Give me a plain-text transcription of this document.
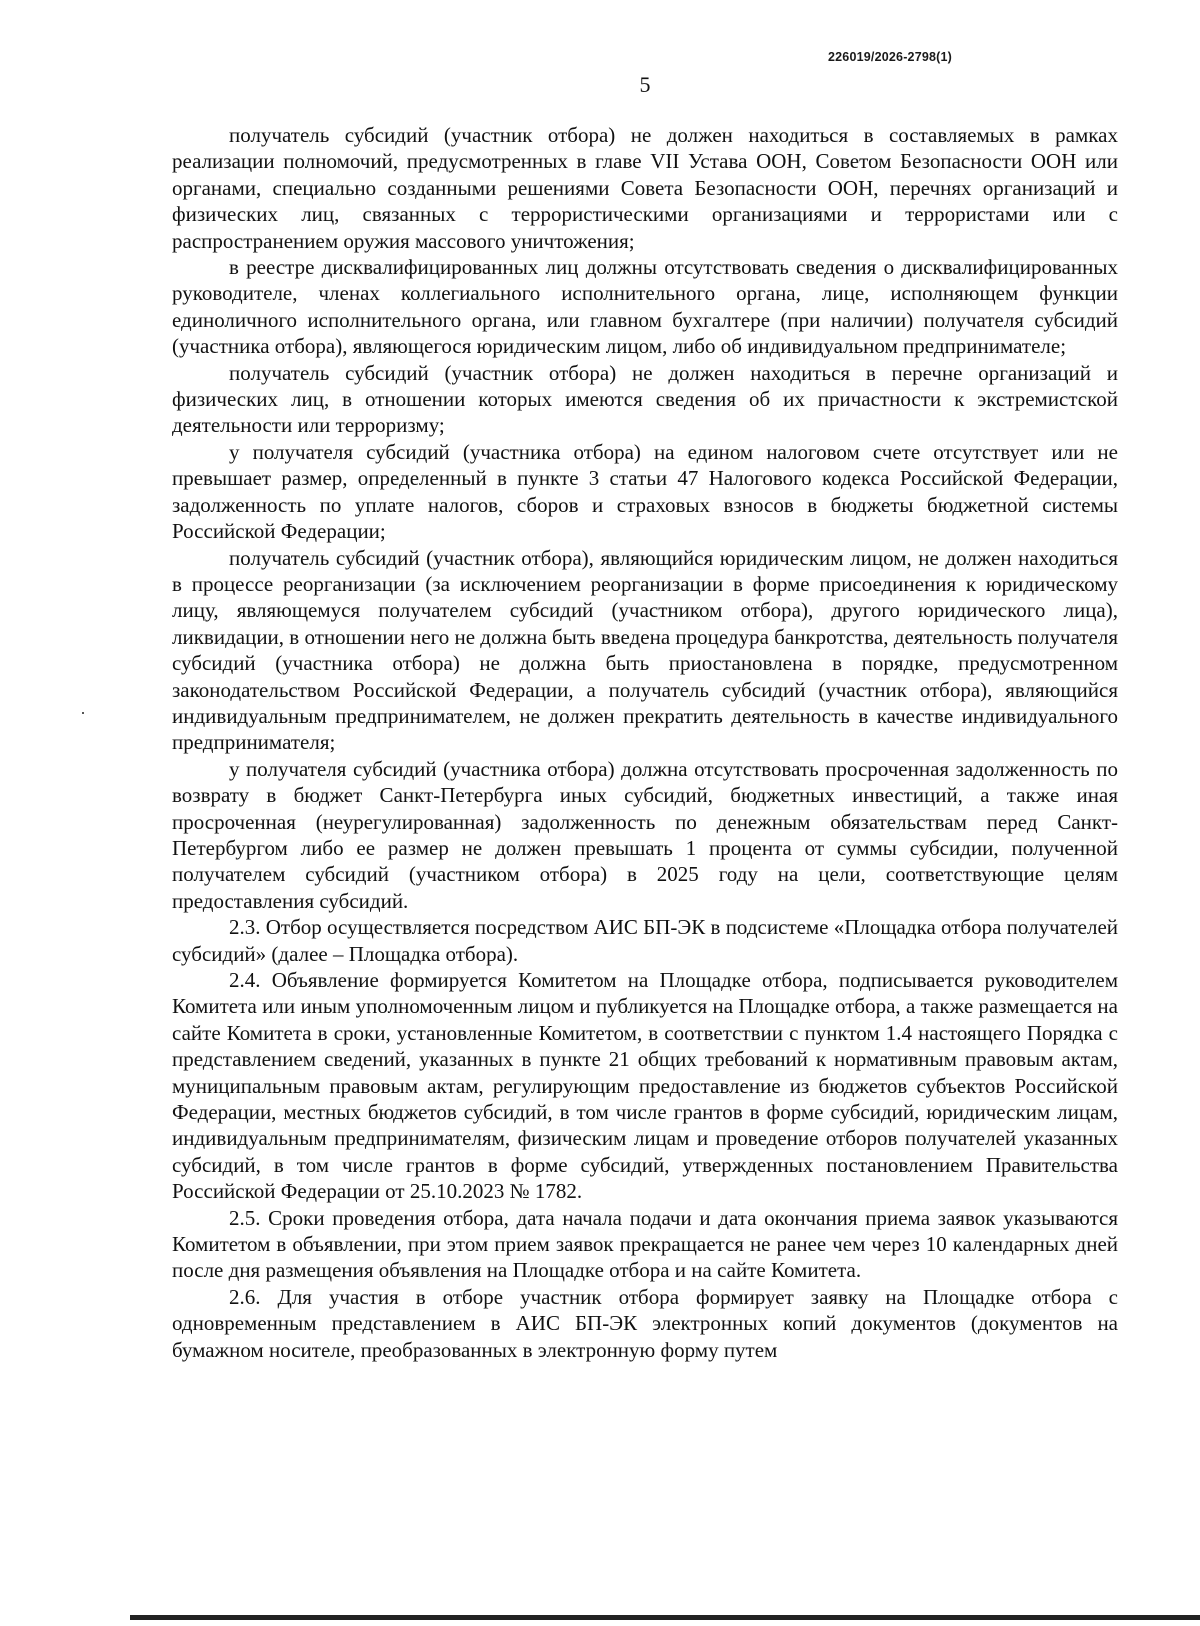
226019/2026-2798(1)
5

получатель субсидий (участник отбора) не должен находиться в составляемых в рамках реализации полномочий, предусмотренных в главе VII Устава ООН, Советом Безопасности ООН или органами, специально созданными решениями Совета Безопасности ООН, перечнях организаций и физических лиц, связанных с террористическими организациями и террористами или с распространением оружия массового уничтожения;

в реестре дисквалифицированных лиц должны отсутствовать сведения о дисквалифицированных руководителе, членах коллегиального исполнительного органа, лице, исполняющем функции единоличного исполнительного органа, или главном бухгалтере (при наличии) получателя субсидий (участника отбора), являющегося юридическим лицом, либо об индивидуальном предпринимателе;

получатель субсидий (участник отбора) не должен находиться в перечне организаций и физических лиц, в отношении которых имеются сведения об их причастности к экстремистской деятельности или терроризму;

у получателя субсидий (участника отбора) на едином налоговом счете отсутствует или не превышает размер, определенный в пункте 3 статьи 47 Налогового кодекса Российской Федерации, задолженность по уплате налогов, сборов и страховых взносов в бюджеты бюджетной системы Российской Федерации;

получатель субсидий (участник отбора), являющийся юридическим лицом, не должен находиться в процессе реорганизации (за исключением реорганизации в форме присоединения к юридическому лицу, являющемуся получателем субсидий (участником отбора), другого юридического лица), ликвидации, в отношении него не должна быть введена процедура банкротства, деятельность получателя субсидий (участника отбора) не должна быть приостановлена в порядке, предусмотренном законодательством Российской Федерации, а получатель субсидий (участник отбора), являющийся индивидуальным предпринимателем, не должен прекратить деятельность в качестве индивидуального предпринимателя;

у получателя субсидий (участника отбора) должна отсутствовать просроченная задолженность по возврату в бюджет Санкт-Петербурга иных субсидий, бюджетных инвестиций, а также иная просроченная (неурегулированная) задолженность по денежным обязательствам перед Санкт-Петербургом либо ее размер не должен превышать 1 процента от суммы субсидии, полученной получателем субсидий (участником отбора) в 2025 году на цели, соответствующие целям предоставления субсидий.

2.3. Отбор осуществляется посредством АИС БП-ЭК в подсистеме «Площадка отбора получателей субсидий» (далее – Площадка отбора).

2.4. Объявление формируется Комитетом на Площадке отбора, подписывается руководителем Комитета или иным уполномоченным лицом и публикуется на Площадке отбора, а также размещается на сайте Комитета в сроки, установленные Комитетом, в соответствии с пунктом 1.4 настоящего Порядка с представлением сведений, указанных в пункте 21 общих требований к нормативным правовым актам, муниципальным правовым актам, регулирующим предоставление из бюджетов субъектов Российской Федерации, местных бюджетов субсидий, в том числе грантов в форме субсидий, юридическим лицам, индивидуальным предпринимателям, физическим лицам и проведение отборов получателей указанных субсидий, в том числе грантов в форме субсидий, утвержденных постановлением Правительства Российской Федерации от 25.10.2023 № 1782.

2.5. Сроки проведения отбора, дата начала подачи и дата окончания приема заявок указываются Комитетом в объявлении, при этом прием заявок прекращается не ранее чем через 10 календарных дней после дня размещения объявления на Площадке отбора и на сайте Комитета.

2.6. Для участия в отборе участник отбора формирует заявку на Площадке отбора с одновременным представлением в АИС БП-ЭК электронных копий документов (документов на бумажном носителе, преобразованных в электронную форму путем
